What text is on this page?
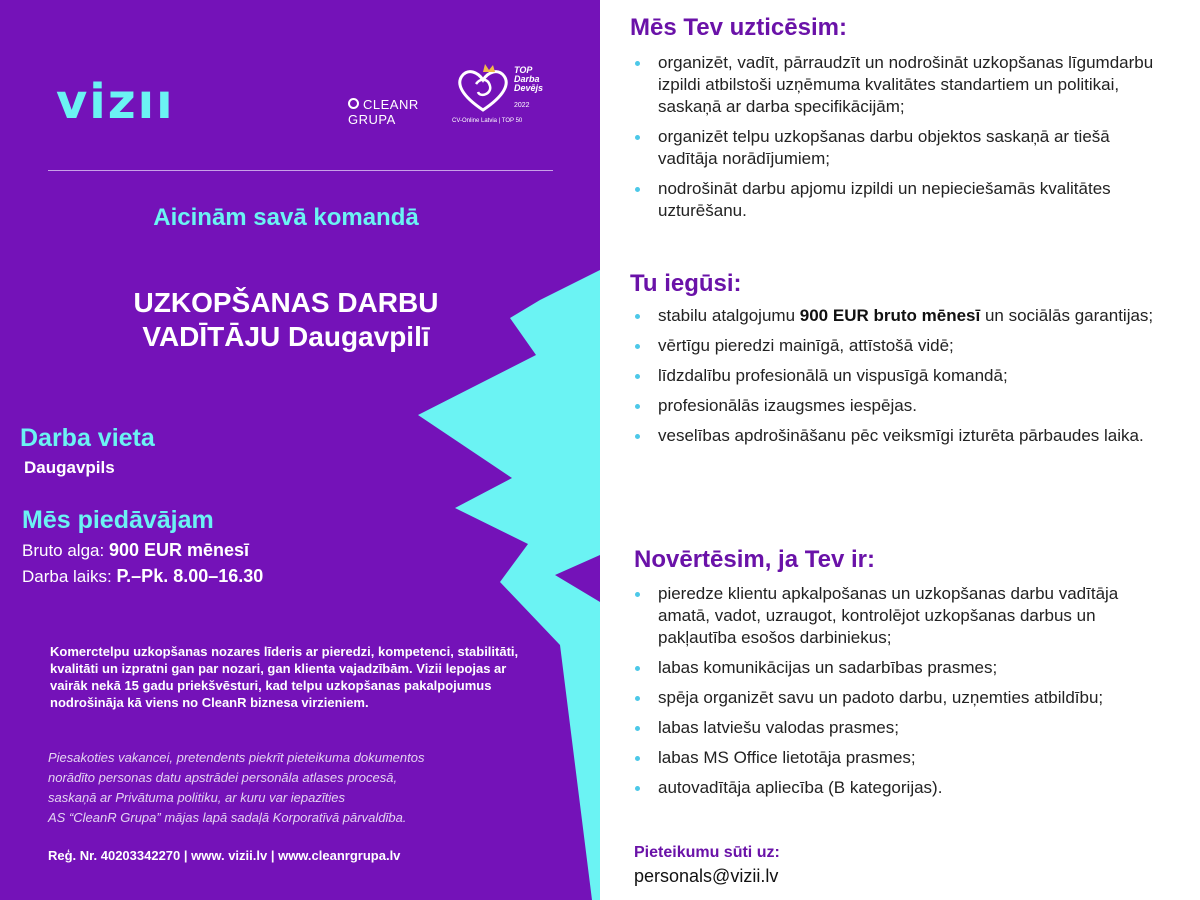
vizıı	CLEANR
GRUPA
TOP
Darba
Devējs
2022
CV-Online Latvia | TOP 50
Aicinām savā komandā
UZKOPŠANAS DARBU
VADĪTĀJU Daugavpilī
Darba vieta
Daugavpils
Mēs piedāvājam
Bruto alga: 900 EUR mēnesī
Darba laiks: P.–Pk. 8.00–16.30

Komerctelpu uzkopšanas nozares līderis ar pieredzi, kompetenci, stabilitāti, kvalitāti un izpratni gan par nozari, gan klienta vajadzībām. Vizii lepojas ar vairāk nekā 15 gadu priekšvēsturi, kad telpu uzkopšanas pakalpojumus nodrošināja kā viens no CleanR biznesa virzieniem.

Piesakoties vakancei, pretendents piekrīt pieteikuma dokumentos
norādīto personas datu apstrādei personāla atlases procesā,
saskaņā ar Privātuma politiku, ar kuru var iepazīties
AS “CleanR Grupa” mājas lapā sadaļā Korporatīvā pārvaldība.

Reģ. Nr. 40203342270 | www. vizii.lv | www.cleanrgrupa.lv
Mēs Tev uzticēsim:
organizēt, vadīt, pārraudzīt un nodrošināt uzkopšanas līgumdarbu izpildi atbilstoši uzņēmuma kvalitātes standartiem un politikai, saskaņā ar darba specifikācijām;
organizēt telpu uzkopšanas darbu objektos saskaņā ar tiešā vadītāja norādījumiem;
nodrošināt darbu apjomu izpildi un nepieciešamās kvalitātes uzturēšanu.
Tu iegūsi:
stabilu atalgojumu 900 EUR bruto mēnesī un sociālās garantijas;
vērtīgu pieredzi mainīgā, attīstošā vidē;
līdzdalību profesionālā un vispusīgā komandā;
profesionālās izaugsmes iespējas.
veselības apdrošināšanu pēc veiksmīgi izturēta pārbaudes laika.
Novērtēsim, ja Tev ir:
pieredze klientu apkalpošanas un uzkopšanas darbu vadītāja amatā, vadot, uzraugot, kontrolējot uzkopšanas darbus un pakļautība esošos darbiniekus;
labas komunikācijas un sadarbības prasmes;
spēja organizēt savu un padoto darbu, uzņemties atbildību;
labas latviešu valodas prasmes;
labas MS Office lietotāja prasmes;
autovadītāja apliecība (B kategorijas).
Pieteikumu sūti uz:
personals@vizii.lv
